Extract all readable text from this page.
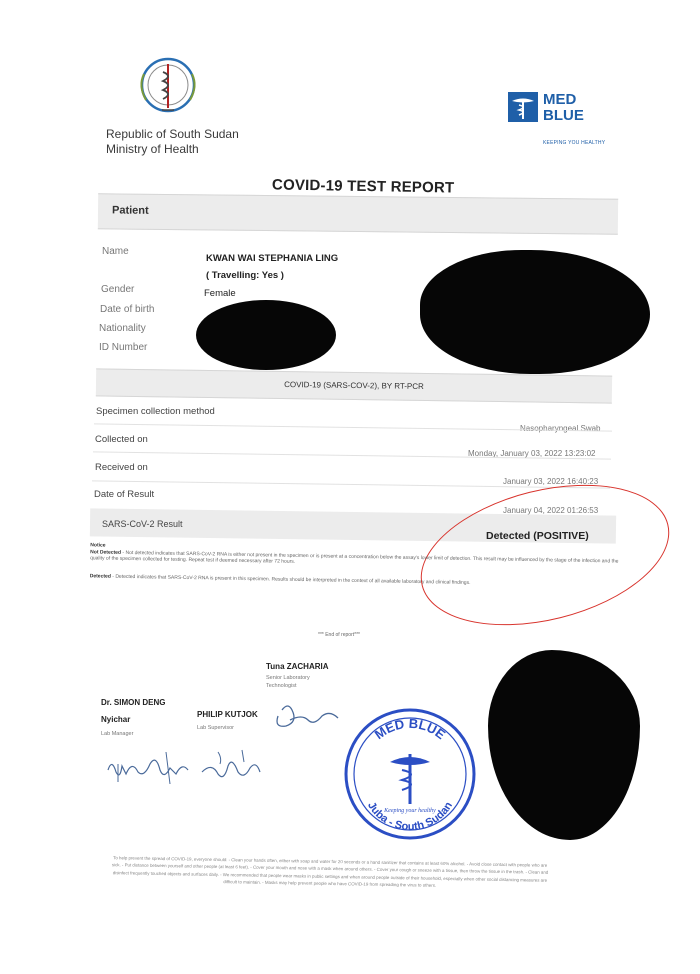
Republic of South Sudan
Ministry of Health
MED
BLUE
KEEPING YOU HEALTHY
COVID-19 TEST REPORT
Patient
Name
KWAN WAI STEPHANIA LING
( Travelling: Yes )
Gender	Female
Date of birth
Nationality
ID Number
COVID-19 (SARS-COV-2), BY RT-PCR
Specimen collection method
Nasopharyngeal Swab
Collected on
Monday, January 03, 2022 13:23:02
Received on
January 03, 2022 16:40:23
Date of Result
January 04, 2022 01:26:53
SARS-CoV-2 Result
Detected (POSITIVE)
Notice
Not Detected - Not detected indicates that SARS-CoV-2 RNA is either not present in the specimen or is present at a concentration below the assay's lower limit of detection. This result may be influenced by the stage of the infection and the quality of the specimen collected for testing. Repeat test if deemed necessary after 72 hours.
Detected - Detected indicates that SARS-CoV-2 RNA is present in this specimen. Results should be interpreted in the context of all available laboratory and clinical findings.
*** End of report***
Tuna ZACHARIA
Senior Laboratory
Technologist
Dr. SIMON DENG
Nyichar
Lab Manager
PHILIP KUTJOK
Lab Supervisor	MED BLUE
Keeping your healthy
Juba - South Sudan
To help prevent the spread of COVID-19, everyone should: - Clean your hands often, either with soap and water for 20 seconds or a hand sanitizer that contains at least 60% alcohol. - Avoid close contact with people who are sick. - Put distance between yourself and other people (at least 6 feet). - Cover your mouth and nose with a mask when around others. - Cover your cough or sneeze with a tissue, then throw the tissue in the trash. - Clean and disinfect frequently touched objects and surfaces daily. - We recommended that people wear masks in public settings and when around people outside of their household, especially when other social distancing measures are difficult to maintain. - Masks may help prevent people who have COVID-19 from spreading the virus to others.
